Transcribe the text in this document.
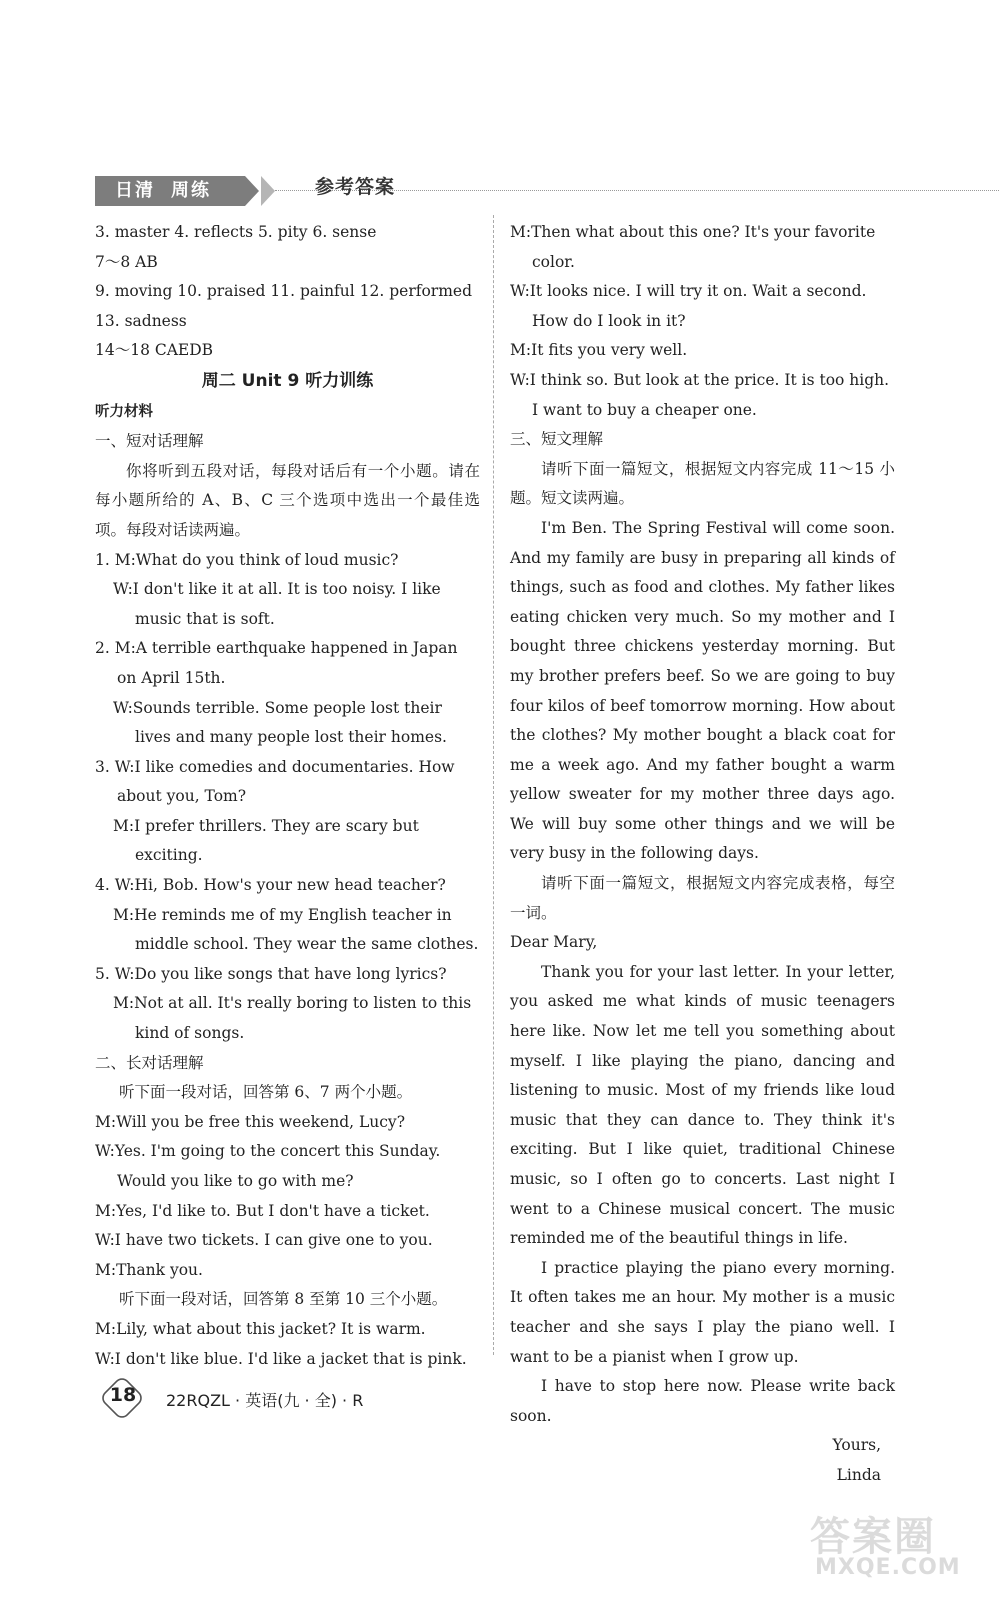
日清 周练	参考答案
3. master 4. reflects 5. pity 6. sense
7～8 AB
9. moving 10. praised 11. painful 12. performed
13. sadness
14～18 CAEDB
周二 Unit 9 听力训练
听力材料
一、短对话理解
你将听到五段对话，每段对话后有一个小题。请在每小题所给的 A、B、C 三个选项中选出一个最佳选项。每段对话读两遍。
1. M:What do you think of loud music?
W:I don't like it at all. It is too noisy. I like music that is soft.
2. M:A terrible earthquake happened in Japan on April 15th.
W:Sounds terrible. Some people lost their lives and many people lost their homes.
3. W:I like comedies and documentaries. How about you, Tom?
M:I prefer thrillers. They are scary but exciting.
4. W:Hi, Bob. How's your new head teacher?
M:He reminds me of my English teacher in middle school. They wear the same clothes.
5. W:Do you like songs that have long lyrics?
M:Not at all. It's really boring to listen to this kind of songs.
二、长对话理解
听下面一段对话，回答第 6、7 两个小题。
M:Will you be free this weekend, Lucy?
W:Yes. I'm going to the concert this Sunday. Would you like to go with me?
M:Yes, I'd like to. But I don't have a ticket.
W:I have two tickets. I can give one to you.
M:Thank you.
听下面一段对话，回答第 8 至第 10 三个小题。
M:Lily, what about this jacket? It is warm.
W:I don't like blue. I'd like a jacket that is pink.
M:Then what about this one? It's your favorite color.
W:It looks nice. I will try it on. Wait a second. How do I look in it?
M:It fits you very well.
W:I think so. But look at the price. It is too high. I want to buy a cheaper one.
三、短文理解
请听下面一篇短文，根据短文内容完成 11～15 小题。短文读两遍。
I'm Ben. The Spring Festival will come soon. And my family are busy in preparing all kinds of things, such as food and clothes. My father likes eating chicken very much. So my mother and I bought three chickens yesterday morning. But my brother prefers beef. So we are going to buy four kilos of beef tomorrow morning. How about the clothes? My mother bought a black coat for me a week ago. And my father bought a warm yellow sweater for my mother three days ago. We will buy some other things and we will be very busy in the following days.
请听下面一篇短文，根据短文内容完成表格，每空一词。
Dear Mary,
Thank you for your last letter. In your letter, you asked me what kinds of music teenagers here like. Now let me tell you something about myself. I like playing the piano, dancing and listening to music. Most of my friends like loud music that they can dance to. They think it's exciting. But I like quiet, traditional Chinese music, so I often go to concerts. Last night I went to a Chinese musical concert. The music reminded me of the beautiful things in life.
I practice playing the piano every morning. It often takes me an hour. My mother is a music teacher and she says I play the piano well. I want to be a pianist when I grow up.
I have to stop here now. Please write back soon.
Yours,
Linda
18	22RQZL · 英语(九 · 全) · R
答案圈
MXQE.COM
